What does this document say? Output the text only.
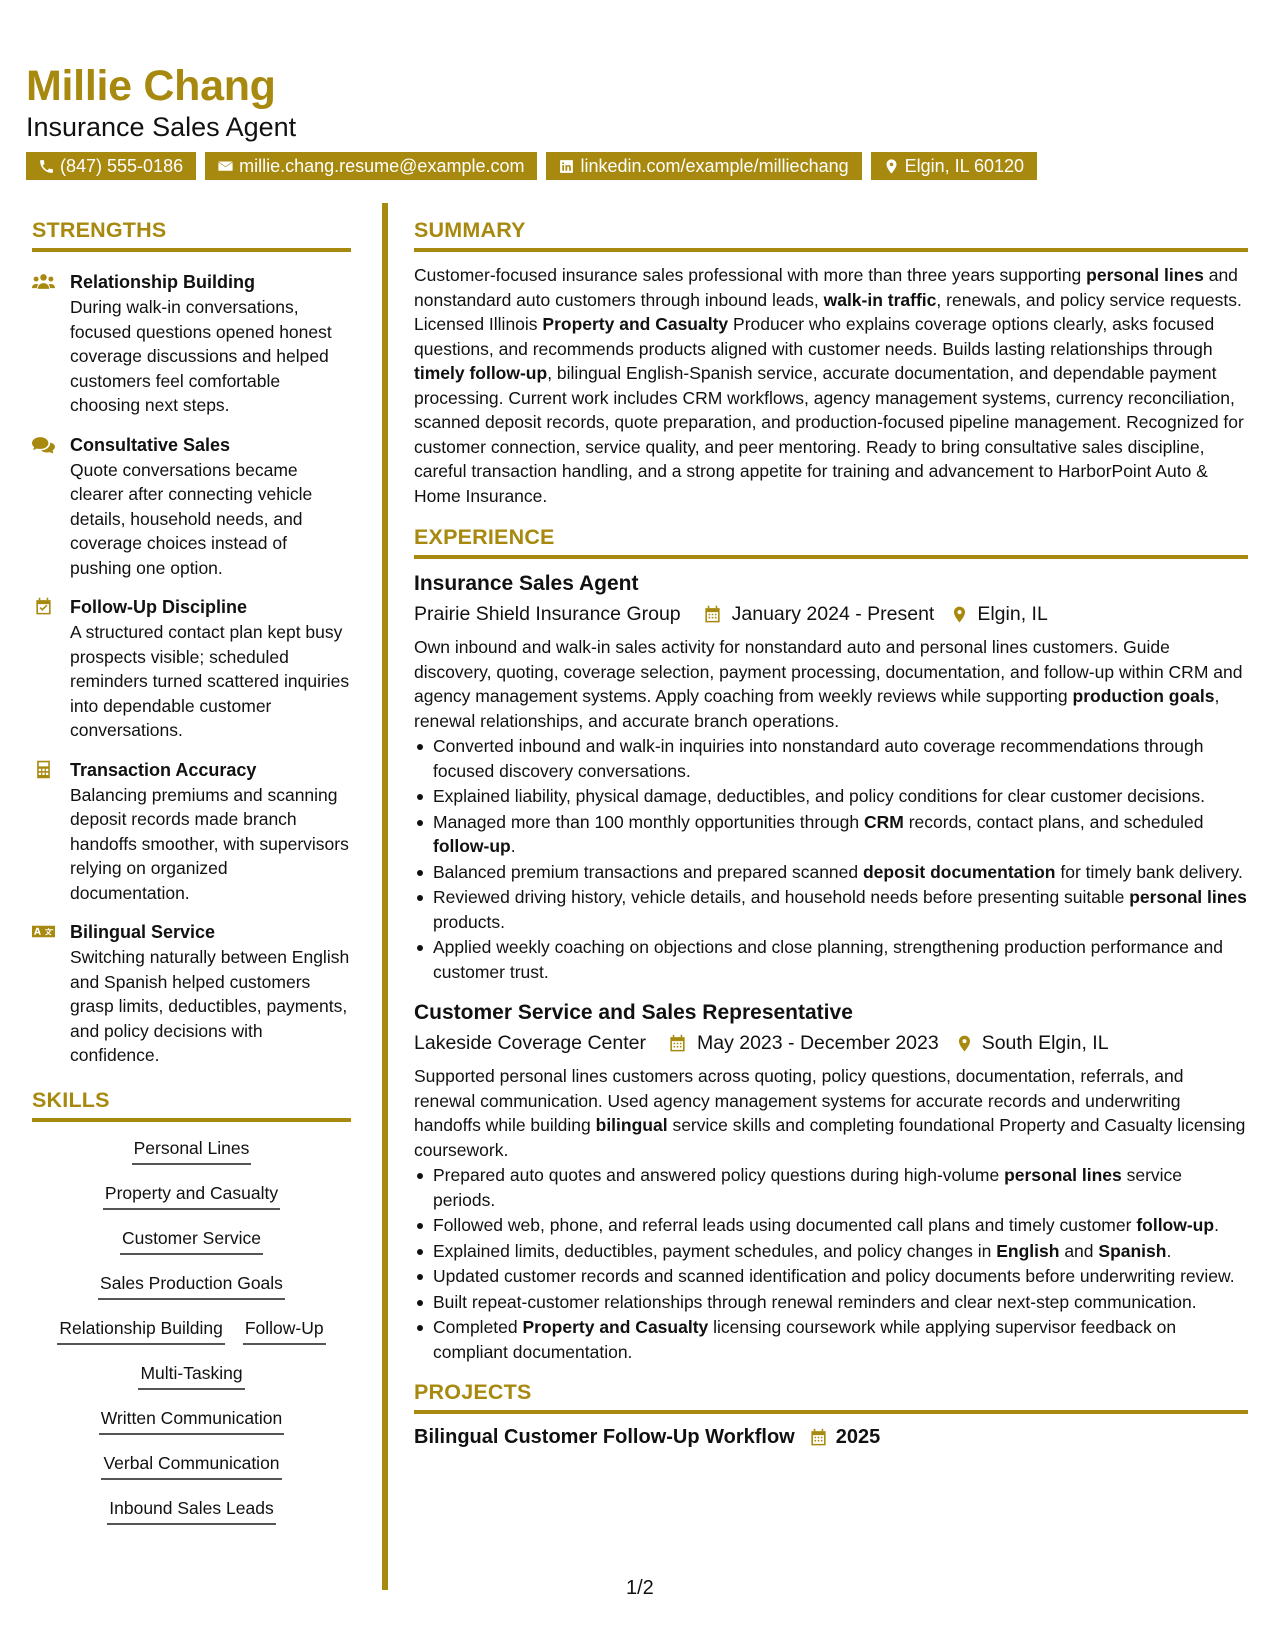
Millie Chang
Insurance Sales Agent
(847) 555-0186	millie.chang.resume@example.com	linkedin.com/example/milliechang	Elgin, IL 60120
STRENGTHS
Relationship Building
During walk-in conversations, focused questions opened honest coverage discussions and helped customers feel comfortable choosing next steps.
Consultative Sales
Quote conversations became clearer after connecting vehicle details, household needs, and coverage choices instead of pushing one option.
Follow-Up Discipline
A structured contact plan kept busy prospects visible; scheduled reminders turned scattered inquiries into dependable customer conversations.
Transaction Accuracy
Balancing premiums and scanning deposit records made branch handoffs smoother, with supervisors relying on organized documentation.
Bilingual Service
Switching naturally between English and Spanish helped customers grasp limits, deductibles, payments, and policy decisions with confidence.
SKILLS
Personal Lines
Property and Casualty
Customer Service
Sales Production Goals
Relationship Building Follow-Up
Multi-Tasking
Written Communication
Verbal Communication
Inbound Sales Leads
SUMMARY
Customer-focused insurance sales professional with more than three years supporting personal lines and nonstandard auto customers through inbound leads, walk-in traffic, renewals, and policy service requests. Licensed Illinois Property and Casualty Producer who explains coverage options clearly, asks focused questions, and recommends products aligned with customer needs. Builds lasting relationships through timely follow-up, bilingual English-Spanish service, accurate documentation, and dependable payment processing. Current work includes CRM workflows, agency management systems, currency reconciliation, scanned deposit records, quote preparation, and production-focused pipeline management. Recognized for customer connection, service quality, and peer mentoring. Ready to bring consultative sales discipline, careful transaction handling, and a strong appetite for training and advancement to HarborPoint Auto & Home Insurance.
EXPERIENCE
Insurance Sales Agent
Prairie Shield Insurance Group	January 2024 - Present Elgin, IL
Own inbound and walk-in sales activity for nonstandard auto and personal lines customers. Guide discovery, quoting, coverage selection, payment processing, documentation, and follow-up within CRM and agency management systems. Apply coaching from weekly reviews while supporting production goals, renewal relationships, and accurate branch operations.
Converted inbound and walk-in inquiries into nonstandard auto coverage recommendations through focused discovery conversations.
Explained liability, physical damage, deductibles, and policy conditions for clear customer decisions.
Managed more than 100 monthly opportunities through CRM records, contact plans, and scheduled follow-up.
Balanced premium transactions and prepared scanned deposit documentation for timely bank delivery.
Reviewed driving history, vehicle details, and household needs before presenting suitable personal lines products.
Applied weekly coaching on objections and close planning, strengthening production performance and customer trust.
Customer Service and Sales Representative
Lakeside Coverage Center	May 2023 - December 2023 South Elgin, IL
Supported personal lines customers across quoting, policy questions, documentation, referrals, and renewal communication. Used agency management systems for accurate records and underwriting handoffs while building bilingual service skills and completing foundational Property and Casualty licensing coursework.
Prepared auto quotes and answered policy questions during high-volume personal lines service periods.
Followed web, phone, and referral leads using documented call plans and timely customer follow-up.
Explained limits, deductibles, payment schedules, and policy changes in English and Spanish.
Updated customer records and scanned identification and policy documents before underwriting review.
Built repeat-customer relationships through renewal reminders and clear next-step communication.
Completed Property and Casualty licensing coursework while applying supervisor feedback on compliant documentation.
PROJECTS
Bilingual Customer Follow-Up Workflow 2025
1/2
